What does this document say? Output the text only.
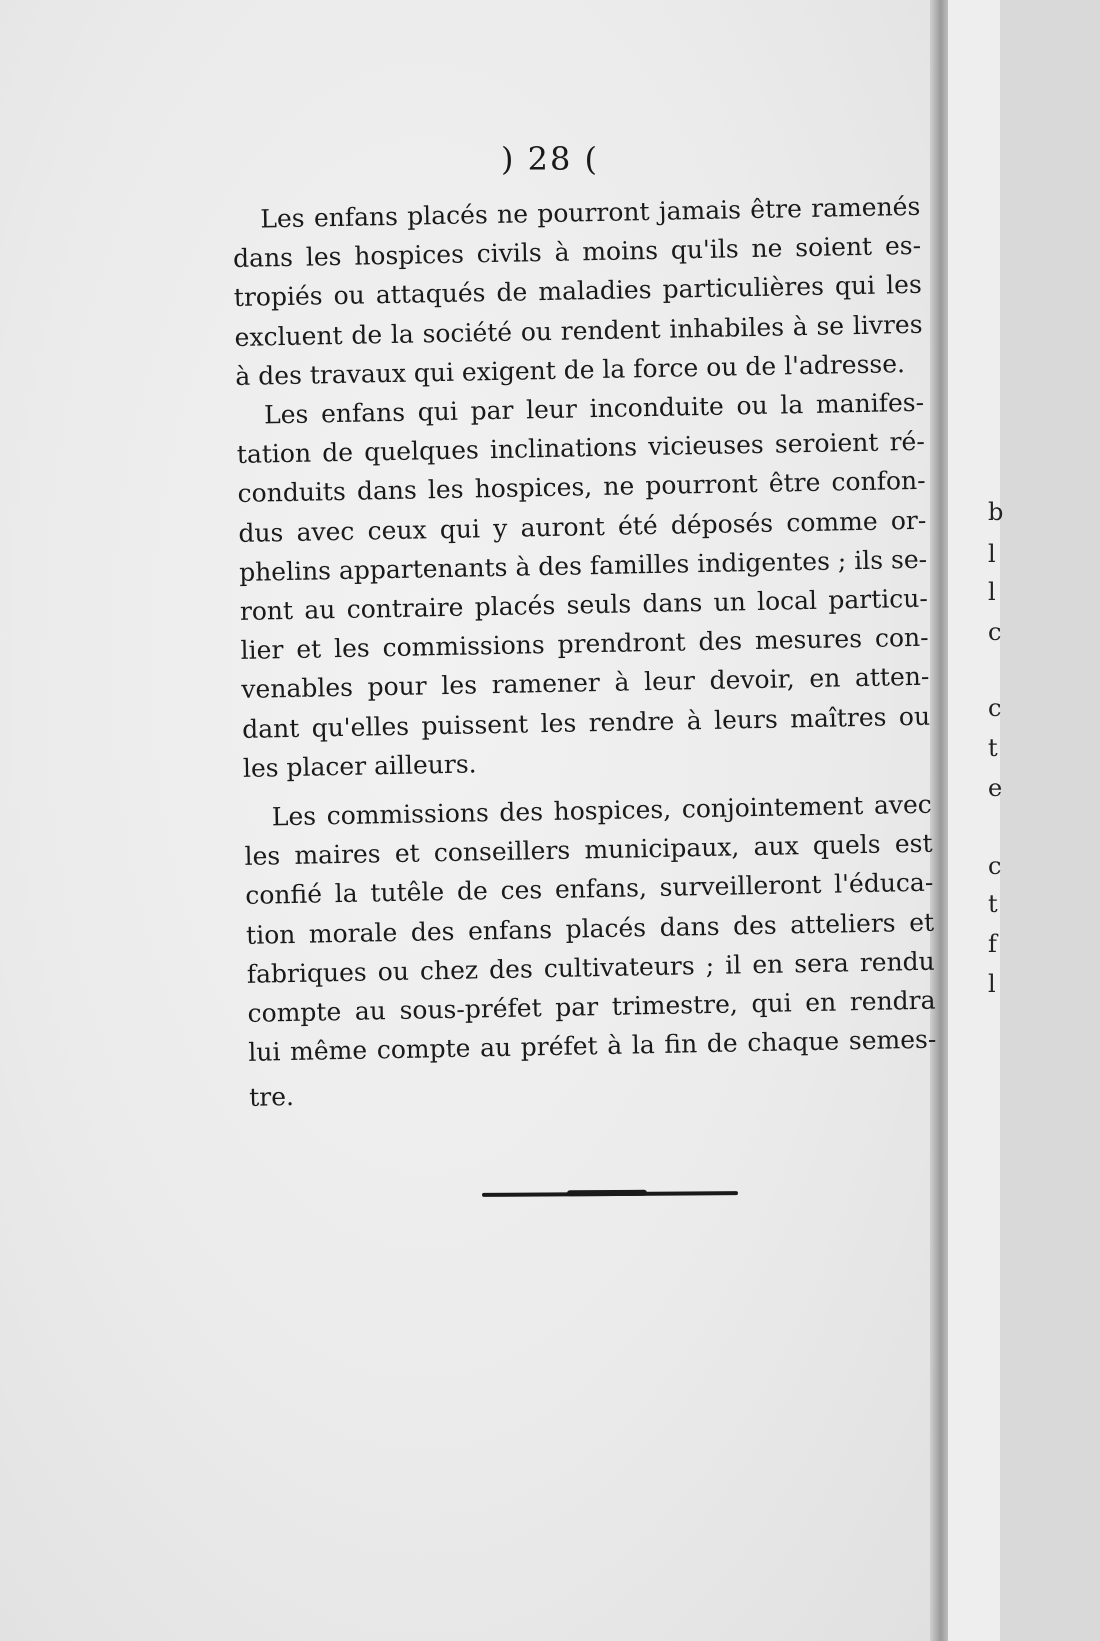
b
l
l
c
c
t
e
c
t
f
l
) 28 (

Les enfans placés ne pourront jamais être ramenés
dans les hospices civils à moins qu'ils ne soient es-
tropiés ou attaqués de maladies particulières qui les
excluent de la société ou rendent inhabiles à se livres
à des travaux qui exigent de la force ou de l'adresse.

Les enfans qui par leur inconduite ou la manifes-
tation de quelques inclinations vicieuses seroient ré-
conduits dans les hospices, ne pourront être confon-
dus avec ceux qui y auront été déposés comme or-
phelins appartenants à des familles indigentes ; ils se-
ront au contraire placés seuls dans un local particu-
lier et les commissions prendront des mesures con-
venables pour les ramener à leur devoir, en atten-
dant qu'elles puissent les rendre à leurs maîtres ou
les placer ailleurs.

Les commissions des hospices, conjointement avec
les maires et conseillers municipaux, aux quels est
confié la tutêle de ces enfans, surveilleront l'éduca-
tion morale des enfans placés dans des atteliers et
fabriques ou chez des cultivateurs ; il en sera rendu
compte au sous-préfet par trimestre, qui en rendra
lui même compte au préfet à la fin de chaque semes-
tre.
